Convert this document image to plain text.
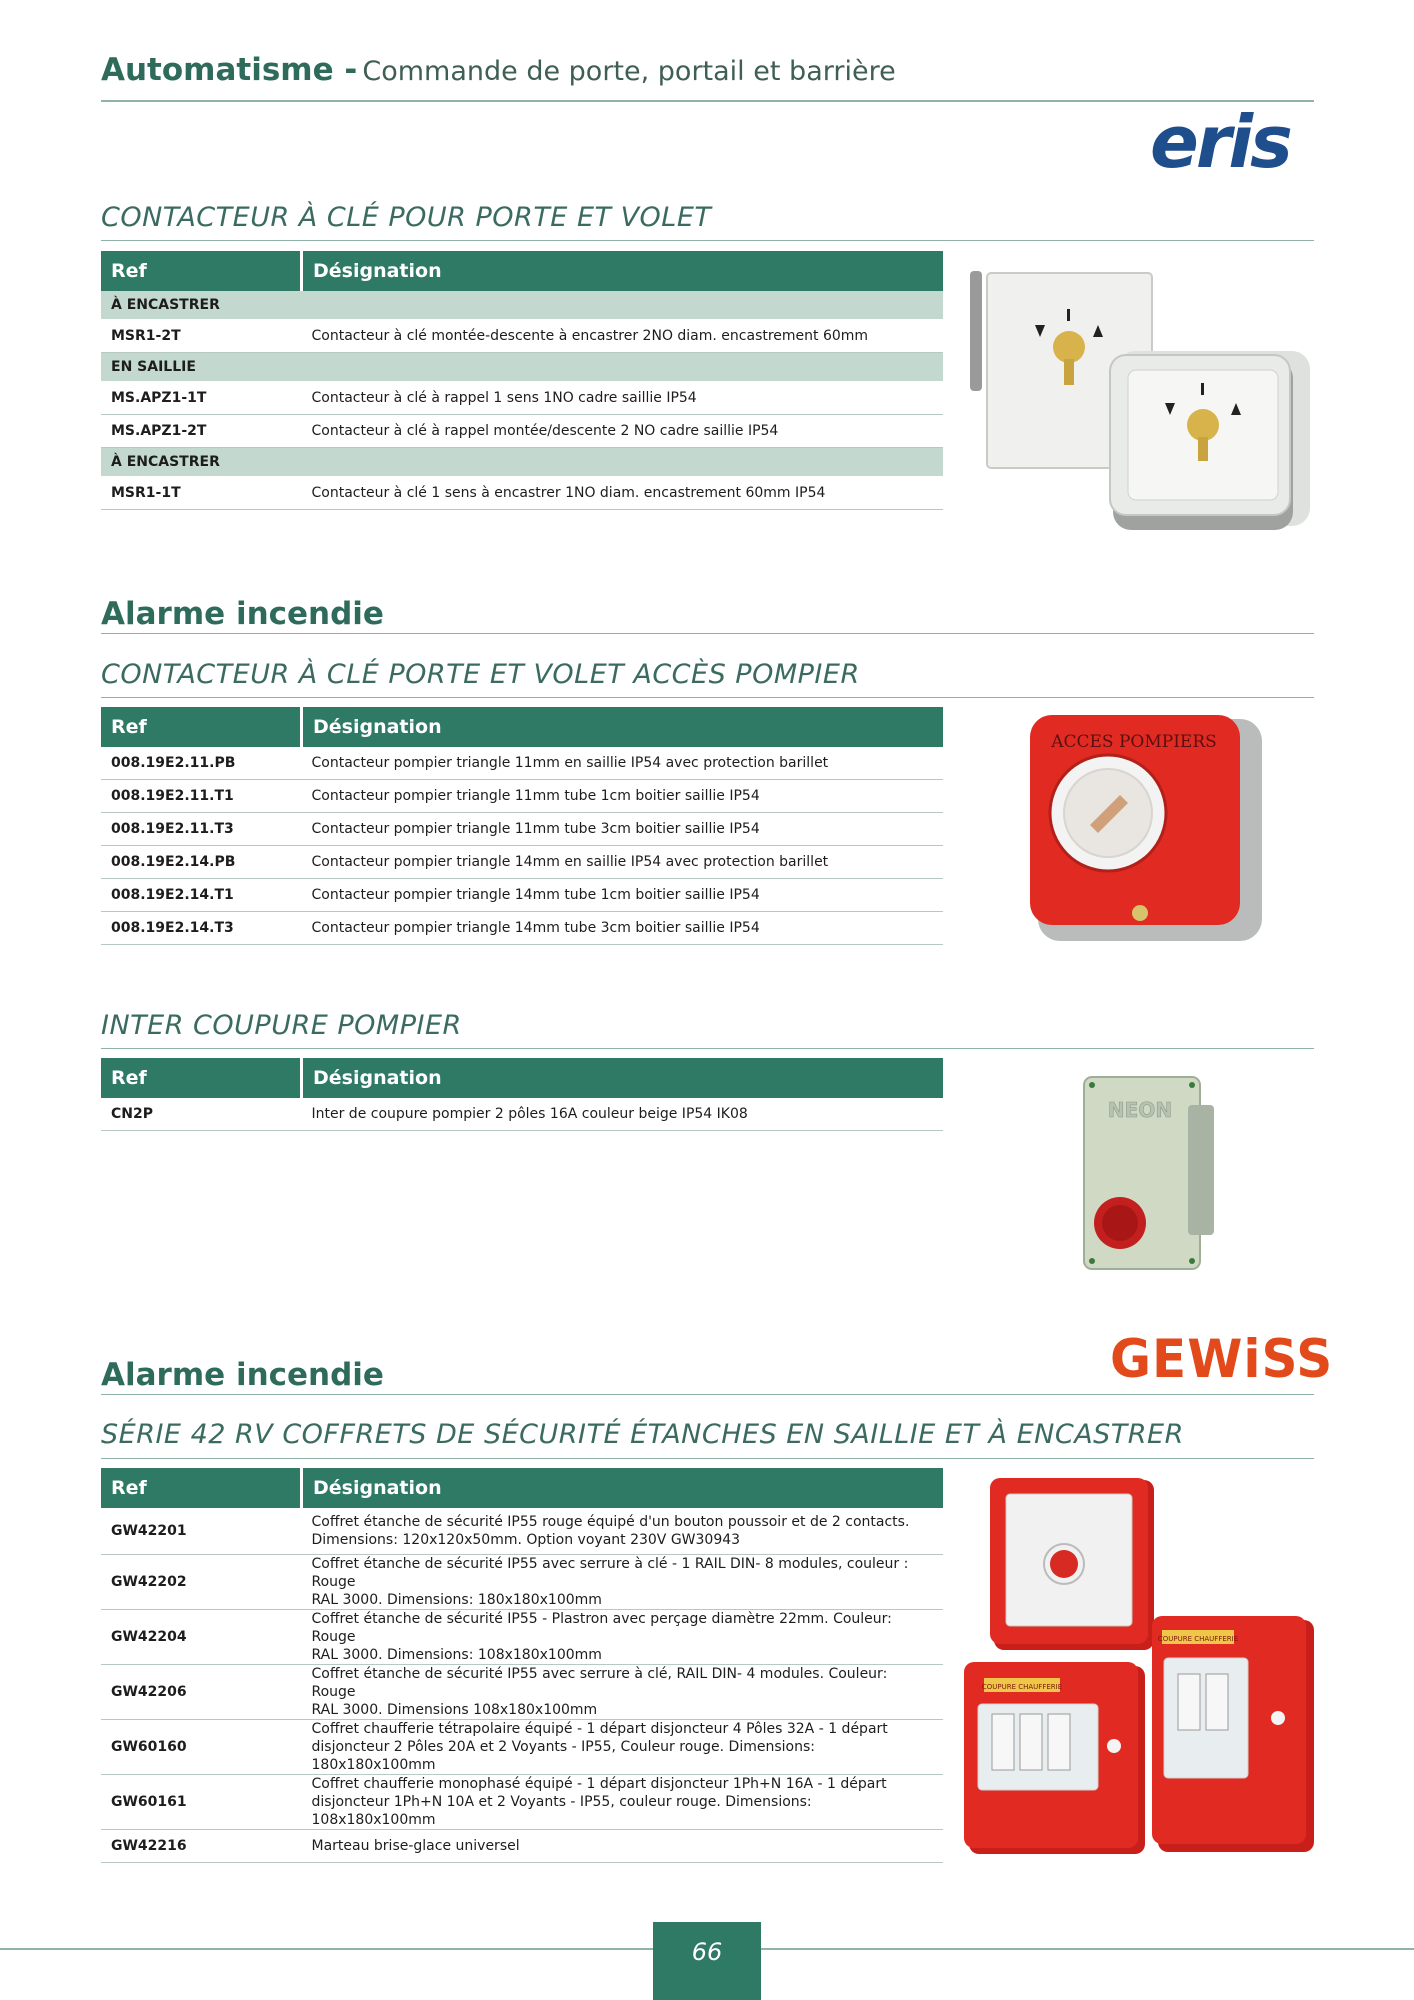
Automatisme - Commande de porte, portail et barrière
eris
CONTACTEUR À CLÉ POUR PORTE ET VOLET
Ref	Désignation
À ENCASTRER	
MSR1-2T	Contacteur à clé montée-descente à encastrer 2NO diam. encastrement 60mm
EN SAILLIE	
MS.APZ1-1T	Contacteur à clé à rappel 1 sens 1NO cadre saillie IP54
MS.APZ1-2T	Contacteur à clé à rappel montée/descente 2 NO cadre saillie IP54
À ENCASTRER	
MSR1-1T	Contacteur à clé 1 sens à encastrer 1NO diam. encastrement 60mm IP54
Alarme incendie
CONTACTEUR À CLÉ PORTE ET VOLET ACCÈS POMPIER
Ref	Désignation
008.19E2.11.PB	Contacteur pompier triangle 11mm en saillie IP54 avec protection barillet
008.19E2.11.T1	Contacteur pompier triangle 11mm tube 1cm boitier saillie IP54
008.19E2.11.T3	Contacteur pompier triangle 11mm tube 3cm boitier saillie IP54
008.19E2.14.PB	Contacteur pompier triangle 14mm en saillie IP54 avec protection barillet
008.19E2.14.T1	Contacteur pompier triangle 14mm tube 1cm boitier saillie IP54
008.19E2.14.T3	Contacteur pompier triangle 14mm tube 3cm boitier saillie IP54
ACCES POMPIERS
INTER COUPURE POMPIER
Ref	Désignation
CN2P	Inter de coupure pompier 2 pôles 16A couleur beige IP54 IK08	NEON
GEWiSS
Alarme incendie
SÉRIE 42 RV COFFRETS DE SÉCURITÉ ÉTANCHES EN SAILLIE ET À ENCASTRER
Ref	Désignation
GW42201	Coffret étanche de sécurité IP55 rouge équipé d'un bouton poussoir et de 2 contacts.
Dimensions: 120x120x50mm. Option voyant 230V GW30943

GW42202	Coffret étanche de sécurité IP55 avec serrure à clé - 1 RAIL DIN- 8 modules, couleur : Rouge
RAL 3000. Dimensions: 180x180x100mm

GW42204	Coffret étanche de sécurité IP55 - Plastron avec perçage diamètre 22mm. Couleur: Rouge
RAL 3000. Dimensions: 108x180x100mm

GW42206	Coffret étanche de sécurité IP55 avec serrure à clé, RAIL DIN- 4 modules. Couleur: Rouge
RAL 3000. Dimensions 108x180x100mm

GW60160	Coffret chaufferie tétrapolaire équipé - 1 départ disjoncteur 4 Pôles 32A - 1 départ
disjoncteur 2 Pôles 20A et 2 Voyants - IP55, Couleur rouge. Dimensions: 180x180x100mm

GW60161	Coffret chaufferie monophasé équipé - 1 départ disjoncteur 1Ph+N 16A - 1 départ
disjoncteur 1Ph+N 10A et 2 Voyants - IP55, couleur rouge. Dimensions: 108x180x100mm

GW42216	Marteau brise-glace universel
COUPURE CHAUFFERIE
COUPURE CHAUFFERIE
66
